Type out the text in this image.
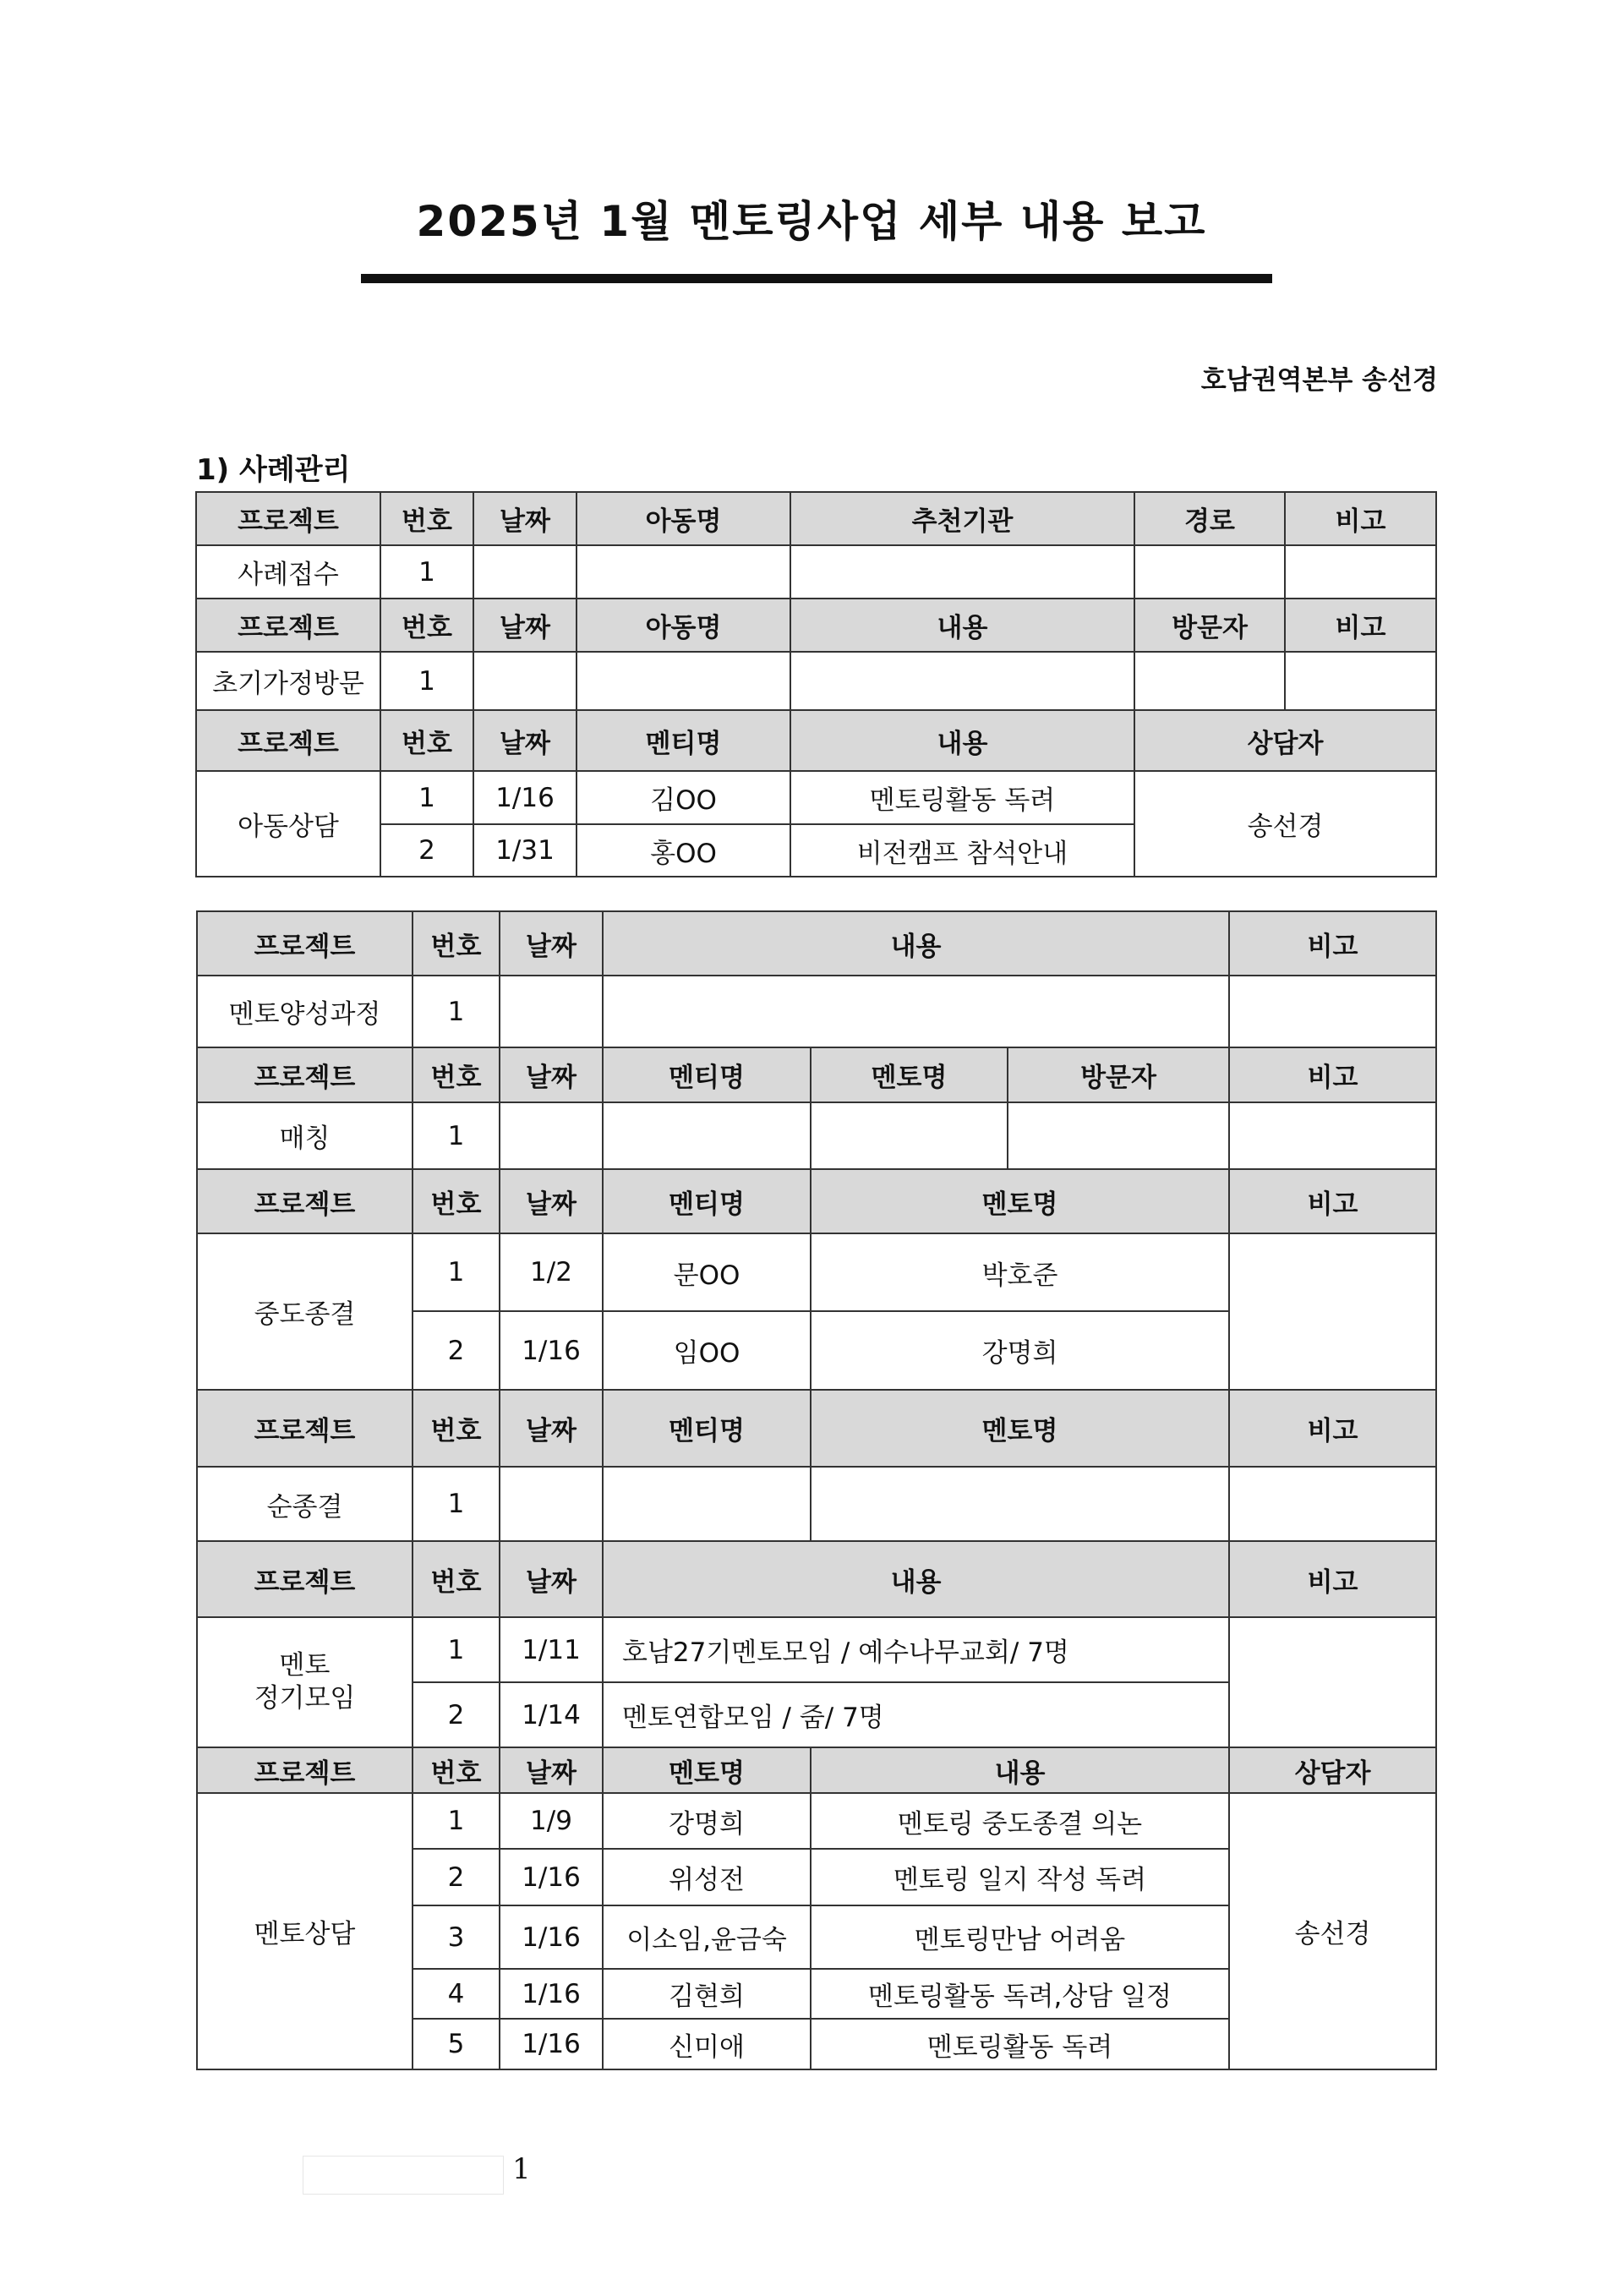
2025년 1월 멘토링사업 세부 내용 보고
호남권역본부 송선경
1) 사례관리
프로젝트	번호	날짜	아동명	추천기관	경로	비고
사례접수	1					
프로젝트	번호	날짜	아동명	내용	방문자	비고
초기가정방문	1					
프로젝트	번호	날짜	멘티명	내용	상담자	
아동상담	1	1/16	김OO	멘토링활동 독려	송선경	
	2	1/31	홍OO	비전캠프 참석안내		
프로젝트	번호	날짜	내용			비고
멘토양성과정	1					
프로젝트	번호	날짜	멘티명	멘토명	방문자	비고
매칭	1					
프로젝트	번호	날짜	멘티명	멘토명		비고
중도종결	1	1/2	문OO	박호준		
	2	1/16	임OO	강명희		
프로젝트	번호	날짜	멘티명	멘토명		비고
순종결	1					
프로젝트	번호	날짜	내용			비고
멘토
정기모임	1	1/11	호남27기멘토모임 / 예수나무교회/ 7명			
	2	1/14	멘토연합모임 / 줌/ 7명			
프로젝트	번호	날짜	멘토명	내용		상담자
멘토상담	1	1/9	강명희	멘토링 중도종결 의논		송선경
	2	1/16	위성전	멘토링 일지 작성 독려		
	3	1/16	이소임,윤금숙	멘토링만남 어려움		
	4	1/16	김현희	멘토링활동 독려,상담 일정		
	5	1/16	신미애	멘토링활동 독려		
1
